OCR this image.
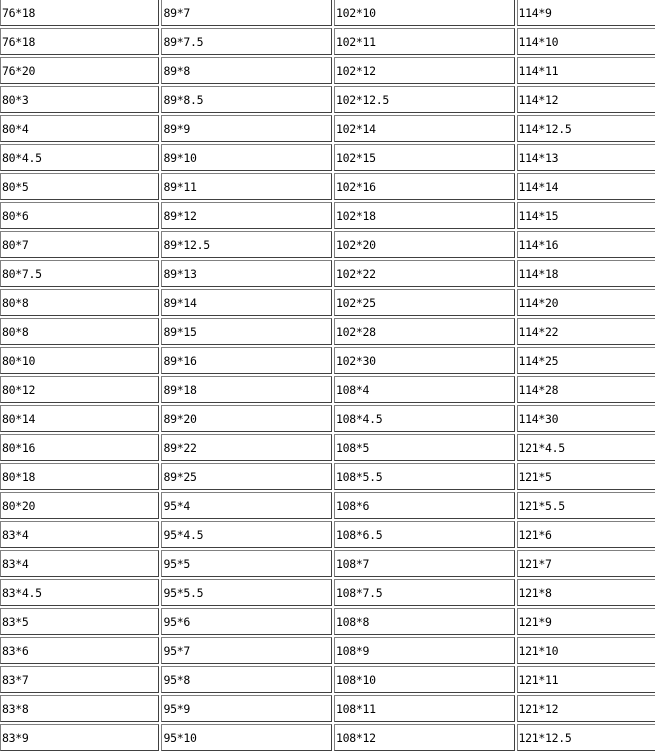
76*18	89*7	102*10	114*9
76*18	89*7.5	102*11	114*10
76*20	89*8	102*12	114*11
80*3	89*8.5	102*12.5	114*12
80*4	89*9	102*14	114*12.5
80*4.5	89*10	102*15	114*13
80*5	89*11	102*16	114*14
80*6	89*12	102*18	114*15
80*7	89*12.5	102*20	114*16
80*7.5	89*13	102*22	114*18
80*8	89*14	102*25	114*20
80*8	89*15	102*28	114*22
80*10	89*16	102*30	114*25
80*12	89*18	108*4	114*28
80*14	89*20	108*4.5	114*30
80*16	89*22	108*5	121*4.5
80*18	89*25	108*5.5	121*5
80*20	95*4	108*6	121*5.5
83*4	95*4.5	108*6.5	121*6
83*4	95*5	108*7	121*7
83*4.5	95*5.5	108*7.5	121*8
83*5	95*6	108*8	121*9
83*6	95*7	108*9	121*10
83*7	95*8	108*10	121*11
83*8	95*9	108*11	121*12
83*9	95*10	108*12	121*12.5
